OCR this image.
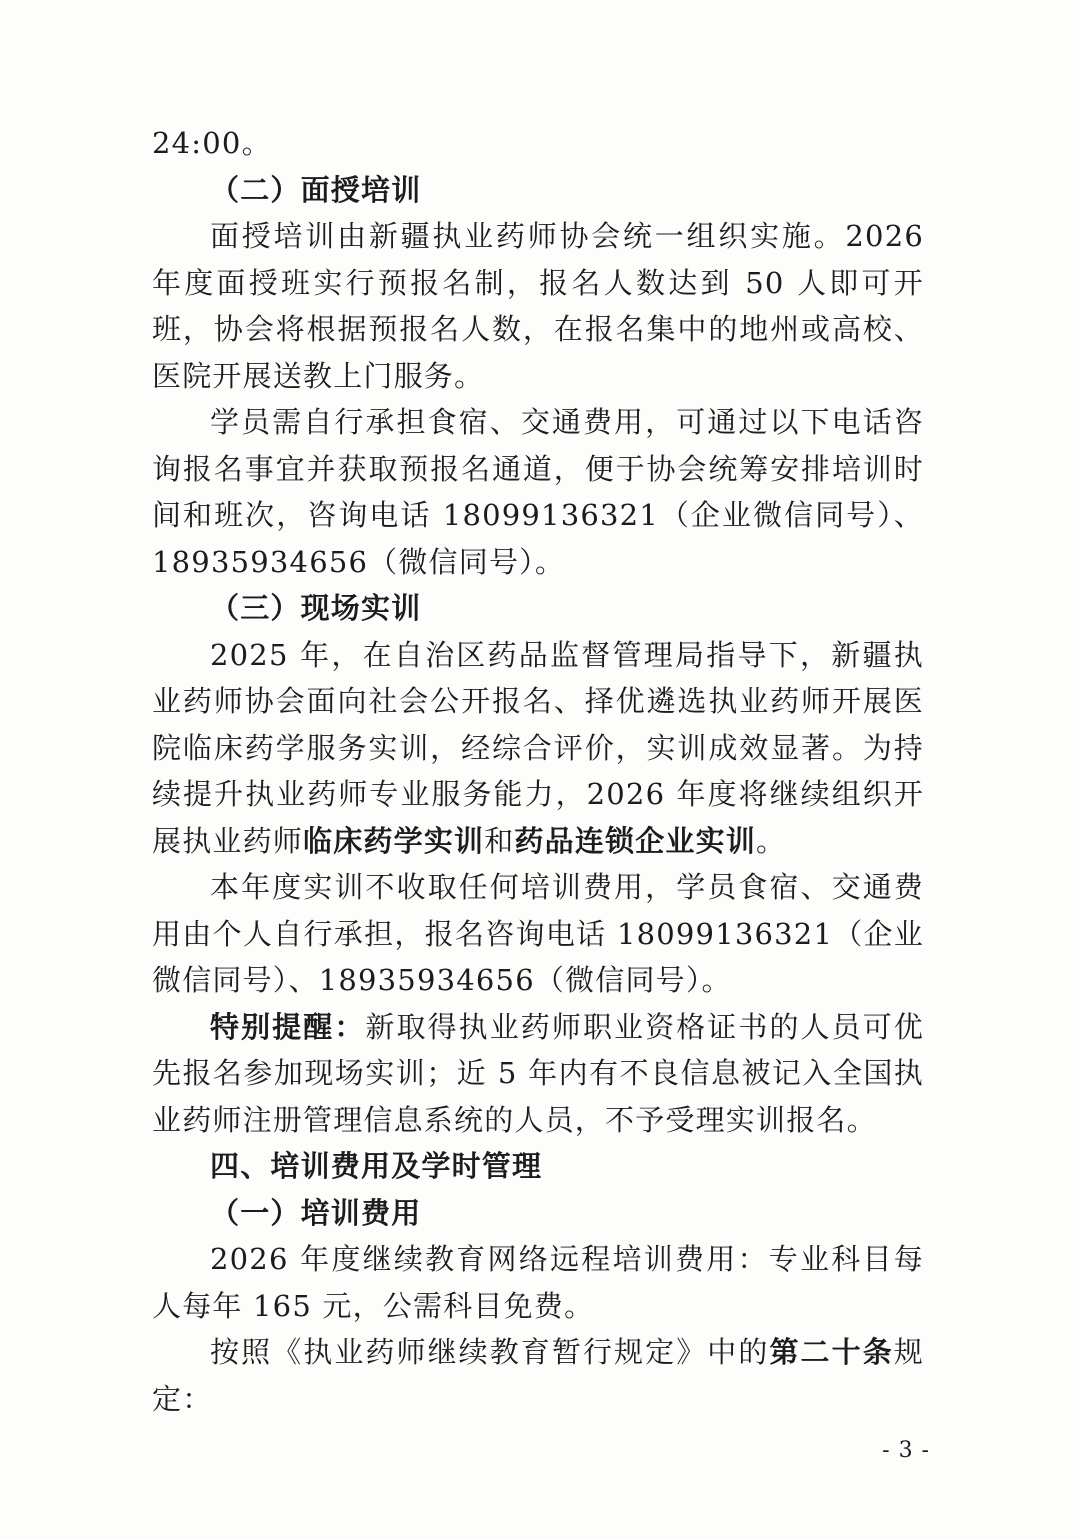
24:00。

（二）面授培训

面授培训由新疆执业药师协会统一组织实施。2026 年度面授班实行预报名制，报名人数达到 50 人即可开班，协会将根据预报名人数，在报名集中的地州或高校、医院开展送教上门服务。

学员需自行承担食宿、交通费用，可通过以下电话咨询报名事宜并获取预报名通道，便于协会统筹安排培训时间和班次，咨询电话 18099136321（企业微信同号）、18935934656（微信同号）。

（三）现场实训

2025 年，在自治区药品监督管理局指导下，新疆执业药师协会面向社会公开报名、择优遴选执业药师开展医院临床药学服务实训，经综合评价，实训成效显著。为持续提升执业药师专业服务能力，2026 年度将继续组织开展执业药师临床药学实训和药品连锁企业实训。

本年度实训不收取任何培训费用，学员食宿、交通费用由个人自行承担，报名咨询电话 18099136321（企业微信同号）、18935934656（微信同号）。

特别提醒：新取得执业药师职业资格证书的人员可优先报名参加现场实训；近 5 年内有不良信息被记入全国执业药师注册管理信息系统的人员，不予受理实训报名。

四、培训费用及学时管理

（一）培训费用

2026 年度继续教育网络远程培训费用：专业科目每人每年 165 元，公需科目免费。

按照《执业药师继续教育暂行规定》中的第二十条规定：

- 3 -
